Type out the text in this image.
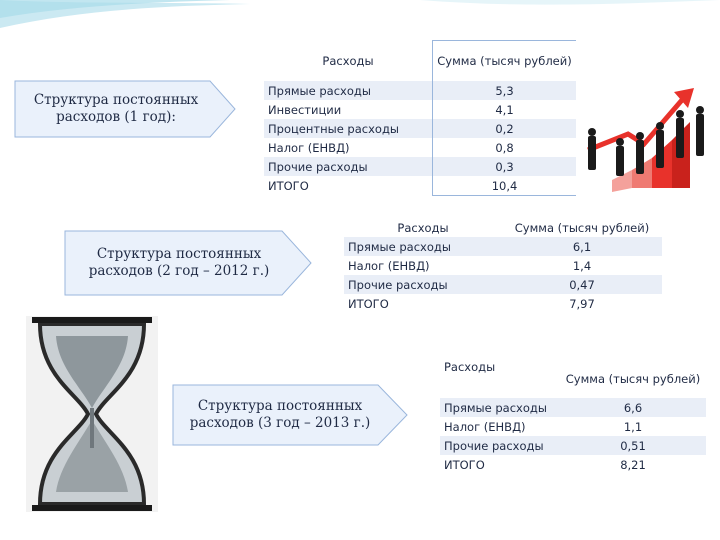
Структура постоянных расходов (1 год):
Расходы	Сумма (тысяч рублей)
Прямые расходы	5,3
Инвестиции	4,1
Процентные расходы	0,2
Налог (ЕНВД)	0,8
Прочие расходы	0,3
ИТОГО	10,4
Структура постоянных расходов (2 год – 2012 г.)
Расходы	Сумма (тысяч рублей)
Прямые расходы	6,1
Налог (ЕНВД)	1,4
Прочие расходы	0,47
ИТОГО	7,97
Структура постоянных расходов (3 год – 2013 г.)
Расходы	Сумма (тысяч рублей)
Прямые расходы	6,6
Налог (ЕНВД)	1,1
Прочие расходы	0,51
ИТОГО	8,21
